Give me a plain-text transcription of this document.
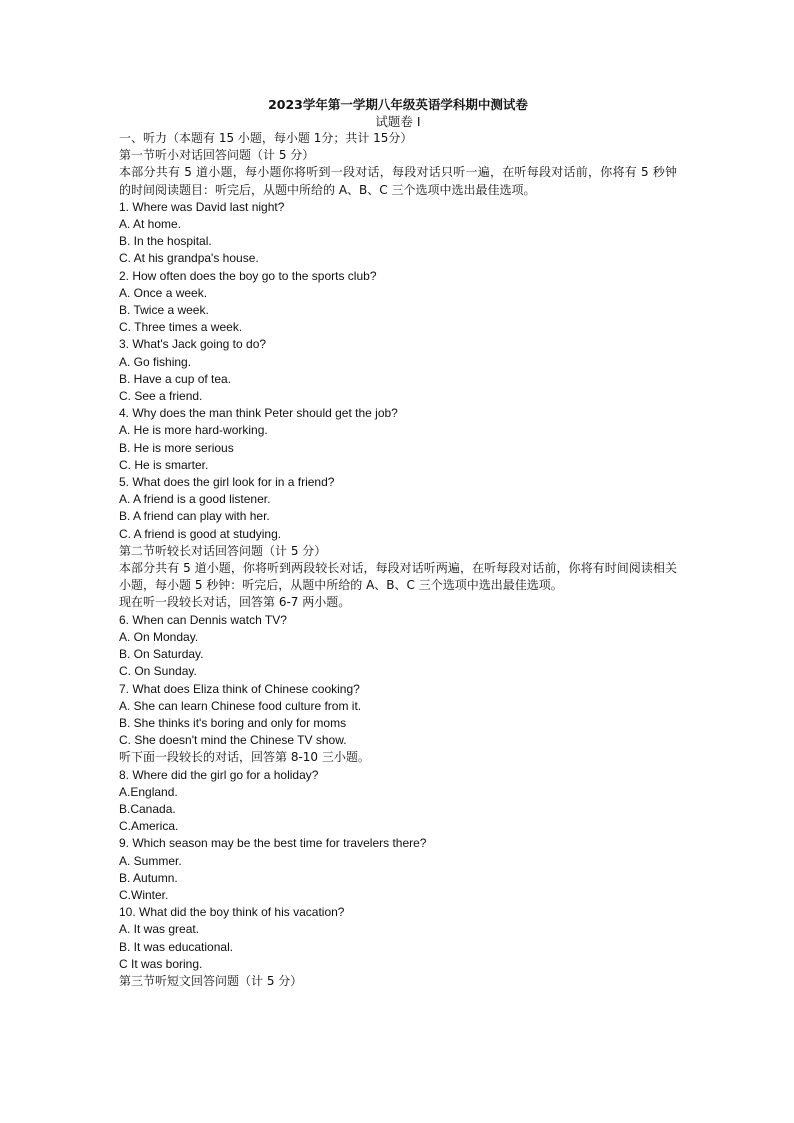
2023学年第一学期八年级英语学科期中测试卷

试题卷 I

一、听力（本题有 15 小题，每小题 1分；共计 15分）

第一节听小对话回答问题（计 5 分）

本部分共有 5 道小题，每小题你将听到一段对话，每段对话只听一遍，在听每段对话前，你将有 5 秒钟的时间阅读题目：听完后，从题中所给的 A、B、C 三个选项中选出最佳选项。

1. Where was David last night?

A. At home.

B. In the hospital.

C. At his grandpa's house.

2. How often does the boy go to the sports club?

A. Once a week.

B. Twice a week.

C. Three times a week.

3. What's Jack going to do?

A. Go fishing.

B. Have a cup of tea.

C. See a friend.

4. Why does the man think Peter should get the job?

A. He is more hard-working.

B. He is more serious

C. He is smarter.

5. What does the girl look for in a friend?

A. A friend is a good listener.

B. A friend can play with her.

C. A friend is good at studying.

第二节听较长对话回答问题（计 5 分）

本部分共有 5 道小题，你将听到两段较长对话，每段对话听两遍，在听每段对话前，你将有时间阅读相关小题，每小题 5 秒钟：听完后，从题中所给的 A、B、C 三个选项中选出最佳选项。

现在听一段较长对话，回答第 6-7 两小题。

6. When can Dennis watch TV?

A. On Monday.

B. On Saturday.

C. On Sunday.

7. What does Eliza think of Chinese cooking?

A. She can learn Chinese food culture from it.

B. She thinks it's boring and only for moms

C. She doesn't mind the Chinese TV show.

听下面一段较长的对话，回答第 8-10 三小题。

8. Where did the girl go for a holiday?

A.England.

B.Canada.

C.America.

9. Which season may be the best time for travelers there?

A. Summer.

B. Autumn.

C.Winter.

10. What did the boy think of his vacation?

A. It was great.

B. It was educational.

C It was boring.

第三节听短文回答问题（计 5 分）
